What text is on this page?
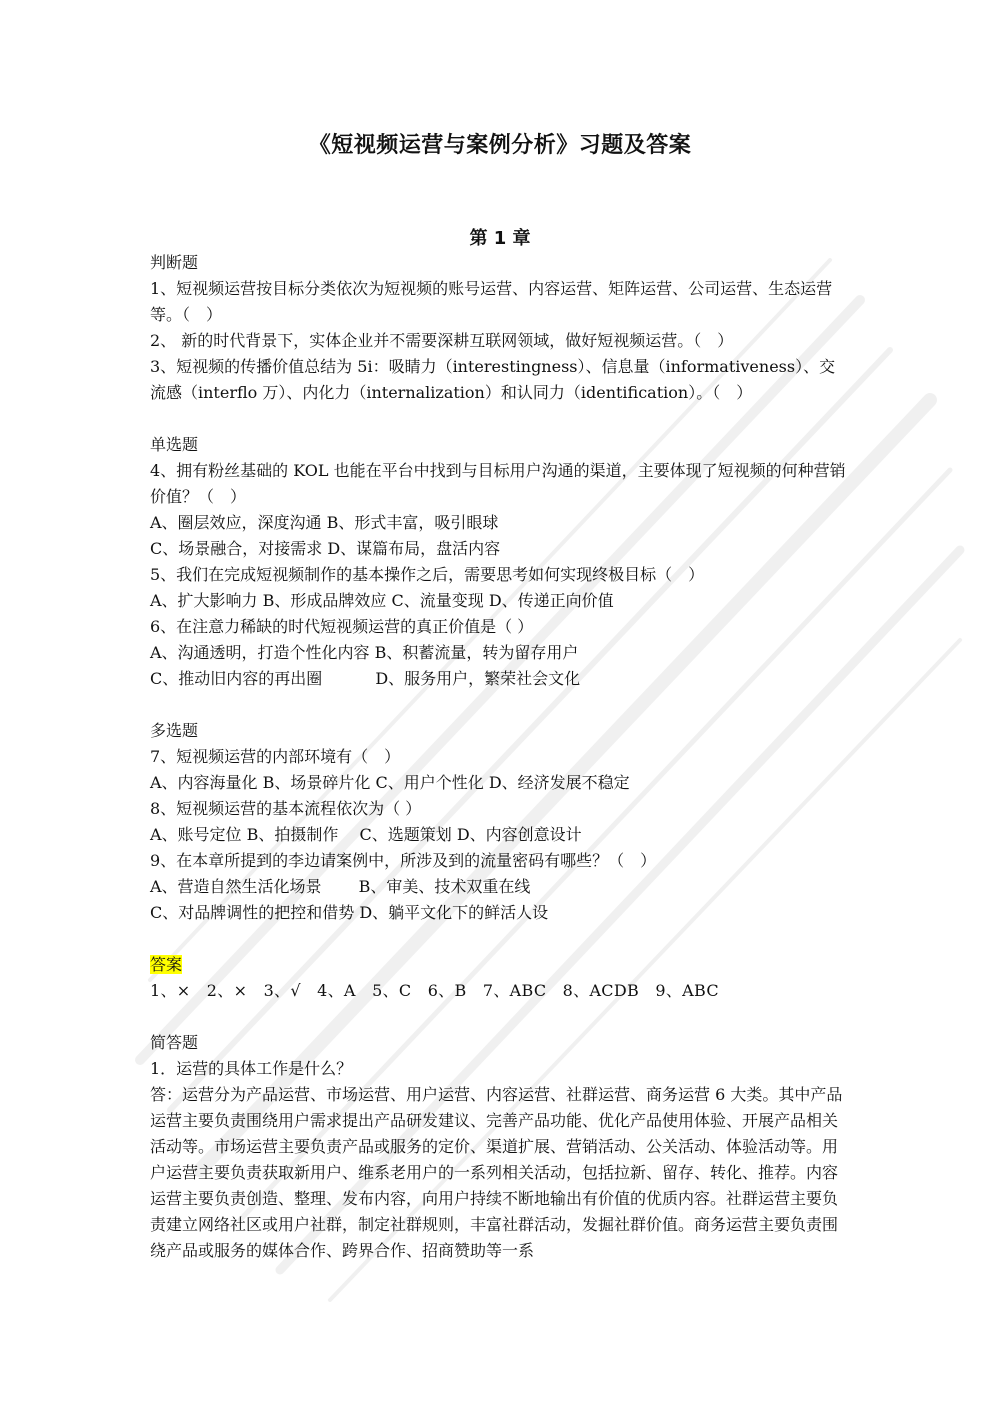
《短视频运营与案例分析》习题及答案
第 1 章
判断题
1、短视频运营按目标分类依次为短视频的账号运营、内容运营、矩阵运营、公司运营、生态运营等。（　）
2、 新的时代背景下，实体企业并不需要深耕互联网领域，做好短视频运营。（　）
3、短视频的传播价值总结为 5i：吸睛力（interestingness）、信息量（informativeness）、交流感（interflo 万）、内化力（internalization）和认同力（identification）。（　）
单选题
4、拥有粉丝基础的 KOL 也能在平台中找到与目标用户沟通的渠道，主要体现了短视频的何种营销价值？（　）
A、圈层效应，深度沟通 B、形式丰富，吸引眼球
C、场景融合，对接需求 D、谋篇布局，盘活内容
5、我们在完成短视频制作的基本操作之后，需要思考如何实现终极目标（　）
A、扩大影响力 B、形成品牌效应 C、流量变现 D、传递正向价值
6、在注意力稀缺的时代短视频运营的真正价值是（ ）
A、沟通透明，打造个性化内容 B、积蓄流量，转为留存用户
C、推动旧内容的再出圈　　　 D、服务用户，繁荣社会文化
多选题
7、短视频运营的内部环境有（　）
A、内容海量化 B、场景碎片化 C、用户个性化 D、经济发展不稳定
8、短视频运营的基本流程依次为（ ）
A、账号定位 B、拍摄制作　 C、选题策划 D、内容创意设计
9、在本章所提到的李边请案例中，所涉及到的流量密码有哪些？（　）
A、营造自然生活化场景　　 B、审美、技术双重在线
C、对品牌调性的把控和借势 D、躺平文化下的鲜活人设
答案
1、×　2、×　3、√　4、A　5、C　6、B　7、ABC　8、ACDB　9、ABC
简答题
1．运营的具体工作是什么？
答：运营分为产品运营、市场运营、用户运营、内容运营、社群运营、商务运营 6 大类。其中产品运营主要负责围绕用户需求提出产品研发建议、完善产品功能、优化产品使用体验、开展产品相关活动等。市场运营主要负责产品或服务的定价、渠道扩展、营销活动、公关活动、体验活动等。用户运营主要负责获取新用户、维系老用户的一系列相关活动，包括拉新、留存、转化、推荐。内容运营主要负责创造、整理、发布内容，向用户持续不断地输出有价值的优质内容。社群运营主要负责建立网络社区或用户社群，制定社群规则，丰富社群活动，发掘社群价值。商务运营主要负责围绕产品或服务的媒体合作、跨界合作、招商赞助等一系
